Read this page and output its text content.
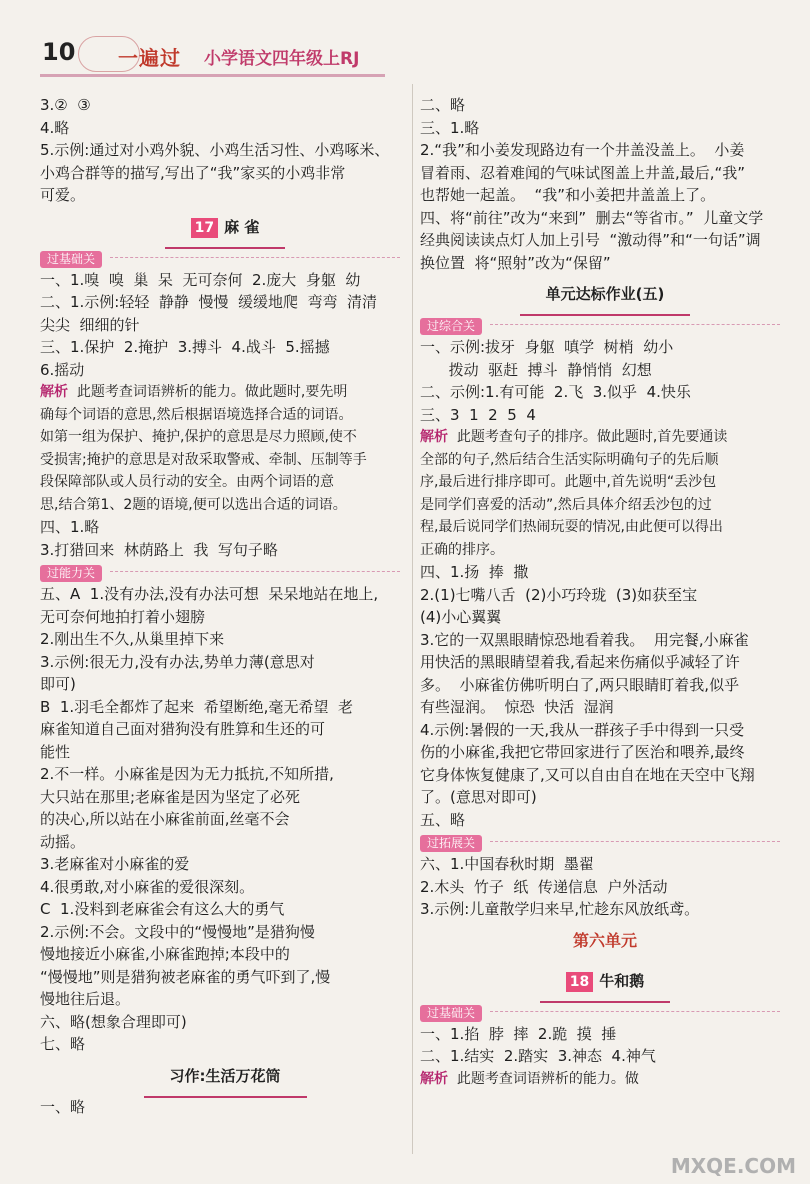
10 一遍过 小学语文四年级上RJ
3.②  ③
4.略
5.示例:通过对小鸡外貌、小鸡生活习性、小鸡啄米、
小鸡合群等的描写,写出了“我”家买的小鸡非常
可爱。
17 麻 雀
过基础关
一、1.嗅  嗅  巢  呆  无可奈何  2.庞大  身躯  幼
二、1.示例:轻轻  静静  慢慢  缓缓地爬  弯弯  清清
尖尖  细细的针
三、1.保护  2.掩护  3.搏斗  4.战斗  5.摇撼
6.摇动
解析  此题考查词语辨析的能力。做此题时,要先明
确每个词语的意思,然后根据语境选择合适的词语。
如第一组为保护、掩护,保护的意思是尽力照顾,使不
受损害;掩护的意思是对敌采取警戒、牵制、压制等手
段保障部队或人员行动的安全。由两个词语的意
思,结合第1、2题的语境,便可以选出合适的词语。
四、1.略
3.打猎回来  林荫路上  我  写句子略
过能力关
五、A  1.没有办法,没有办法可想  呆呆地站在地上,
无可奈何地拍打着小翅膀
2.刚出生不久,从巢里掉下来
3.示例:很无力,没有办法,势单力薄(意思对
即可)
B  1.羽毛全都炸了起来  希望断绝,毫无希望  老
麻雀知道自己面对猎狗没有胜算和生还的可
能性
2.不一样。小麻雀是因为无力抵抗,不知所措,
大只站在那里;老麻雀是因为坚定了必死
的决心,所以站在小麻雀前面,丝毫不会
动摇。
3.老麻雀对小麻雀的爱
4.很勇敢,对小麻雀的爱很深刻。
C  1.没料到老麻雀会有这么大的勇气
2.示例:不会。文段中的“慢慢地”是猎狗慢
慢地接近小麻雀,小麻雀跑掉;本段中的
“慢慢地”则是猎狗被老麻雀的勇气吓到了,慢
慢地往后退。
六、略(想象合理即可)
七、略
习作:生活万花筒
一、略
二、略
三、1.略
2.“我”和小姜发现路边有一个井盖没盖上。  小姜
冒着雨、忍着难闻的气味试图盖上井盖,最后,“我”
也帮她一起盖。  “我”和小姜把井盖盖上了。
四、将“前往”改为“来到”  删去“等省市。”  儿童文学
经典阅读读点灯人加上引号  “激动得”和“一句话”调
换位置  将“照射”改为“保留”
单元达标作业(五)
过综合关
一、示例:拔牙  身躯  嗔学  树梢  幼小
拨动  驱赶  搏斗  静悄悄  幻想
二、示例:1.有可能  2.飞  3.似乎  4.快乐
三、3  1  2  5  4
解析  此题考查句子的排序。做此题时,首先要通读
全部的句子,然后结合生活实际明确句子的先后顺
序,最后进行排序即可。此题中,首先说明“丢沙包
是同学们喜爱的活动”,然后具体介绍丢沙包的过
程,最后说同学们热闹玩耍的情况,由此便可以得出
正确的排序。
四、1.扬  捧  撒
2.(1)七嘴八舌  (2)小巧玲珑  (3)如获至宝
(4)小心翼翼
3.它的一双黑眼睛惊恐地看着我。  用完餐,小麻雀
用快活的黑眼睛望着我,看起来伤痛似乎减轻了许
多。  小麻雀仿佛听明白了,两只眼睛盯着我,似乎
有些湿润。  惊恐  快活  湿润
4.示例:暑假的一天,我从一群孩子手中得到一只受
伤的小麻雀,我把它带回家进行了医治和喂养,最终
它身体恢复健康了,又可以自由自在地在天空中飞翔
了。(意思对即可)
五、略
过拓展关
六、1.中国春秋时期  墨翟
2.木头  竹子  纸  传递信息  户外活动
3.示例:儿童散学归来早,忙趁东风放纸鸢。
第六单元
18 牛和鹅
过基础关
一、1.掐  脖  摔  2.跪  摸  捶
二、1.结实  2.踏实  3.神态  4.神气
解析  此题考查词语辨析的能力。做
MXQE.COM
